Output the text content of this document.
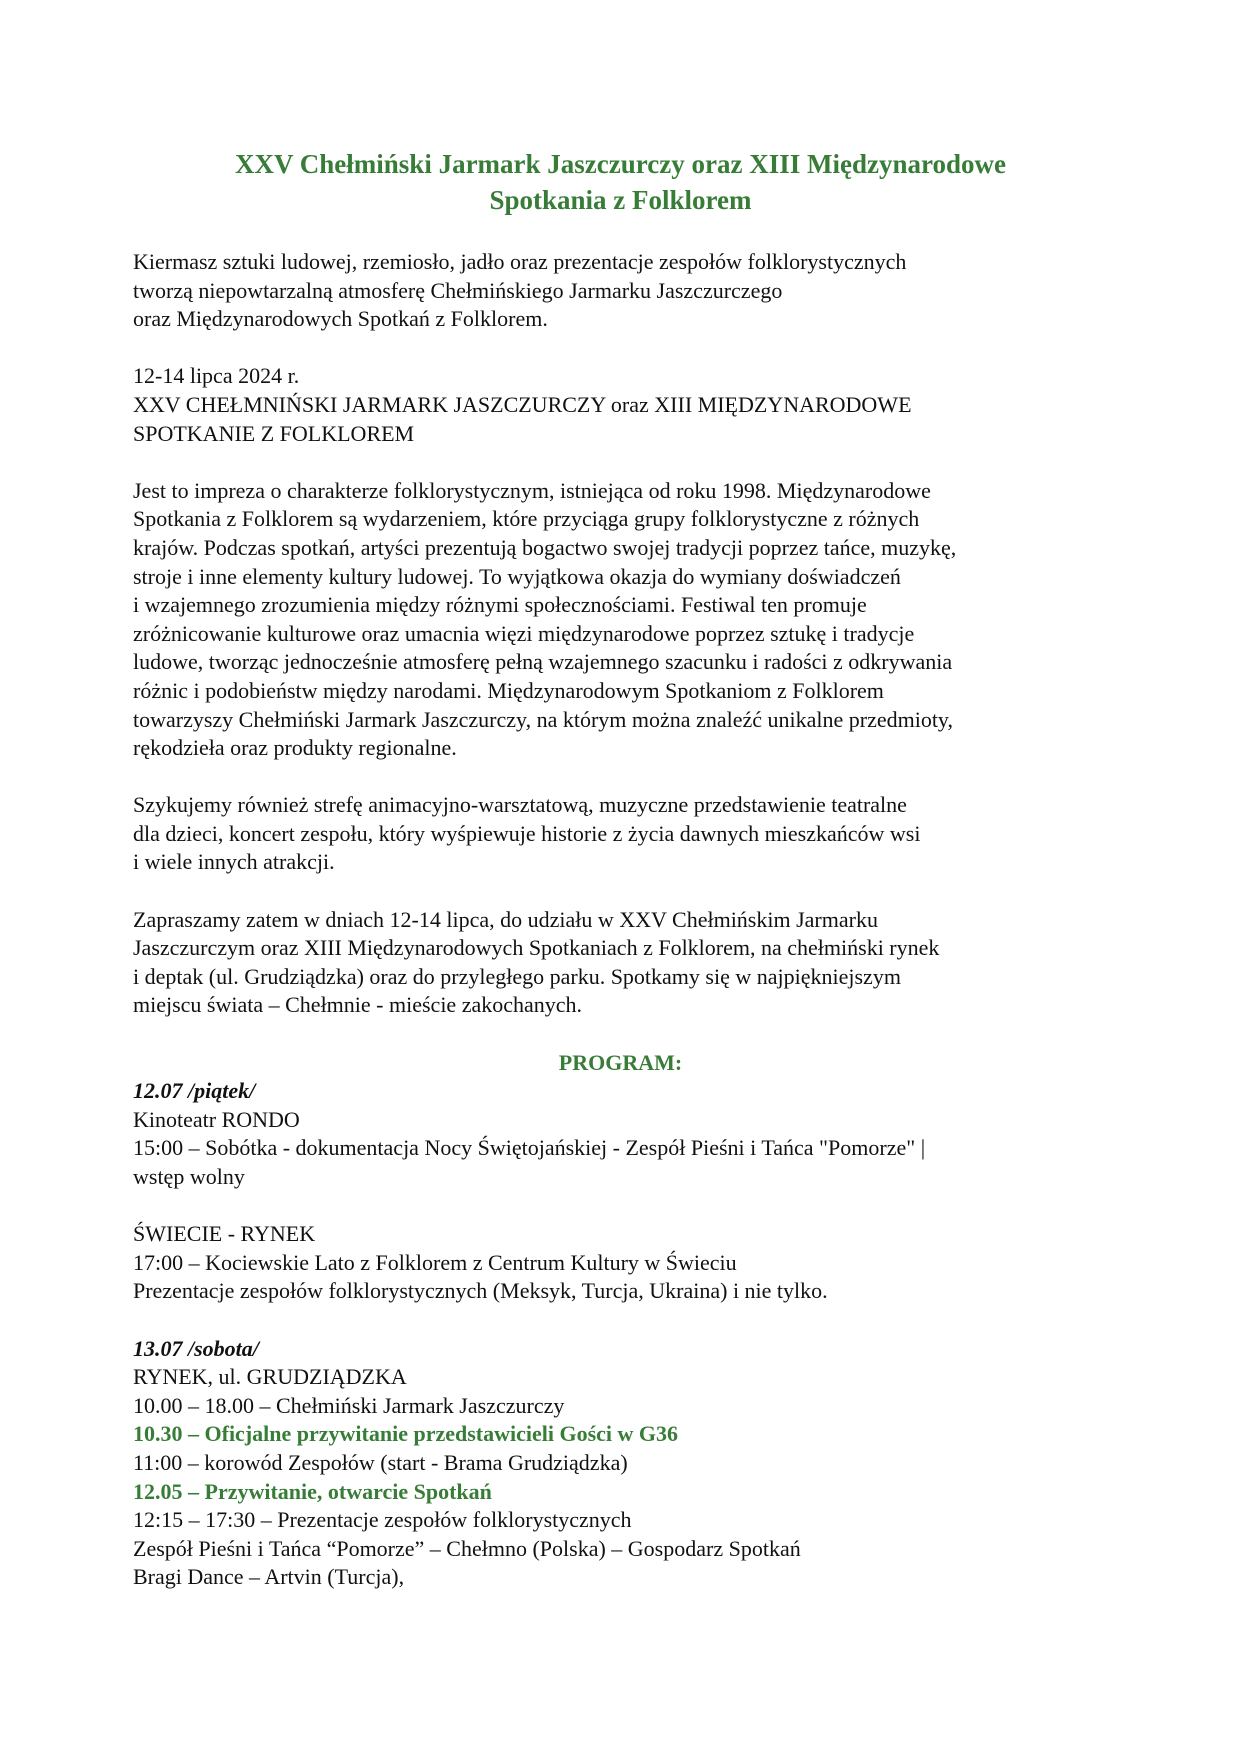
XXV Chełmiński Jarmark Jaszczurczy oraz XIII Międzynarodowe
Spotkania z Folklorem
Kiermasz sztuki ludowej, rzemiosło, jadło oraz prezentacje zespołów folklorystycznych
tworzą niepowtarzalną atmosferę Chełmińskiego Jarmarku Jaszczurczego
oraz Międzynarodowych Spotkań z Folklorem.

12-14 lipca 2024 r.
XXV CHEŁMNIŃSKI JARMARK JASZCZURCZY oraz XIII MIĘDZYNARODOWE
SPOTKANIE Z FOLKLOREM

Jest to impreza o charakterze folklorystycznym, istniejąca od roku 1998. Międzynarodowe
Spotkania z Folklorem są wydarzeniem, które przyciąga grupy folklorystyczne z różnych
krajów. Podczas spotkań, artyści prezentują bogactwo swojej tradycji poprzez tańce, muzykę,
stroje i inne elementy kultury ludowej. To wyjątkowa okazja do wymiany doświadczeń
i wzajemnego zrozumienia między różnymi społecznościami. Festiwal ten promuje
zróżnicowanie kulturowe oraz umacnia więzi międzynarodowe poprzez sztukę i tradycje
ludowe, tworząc jednocześnie atmosferę pełną wzajemnego szacunku i radości z odkrywania
różnic i podobieństw między narodami. Międzynarodowym Spotkaniom z Folklorem
towarzyszy Chełmiński Jarmark Jaszczurczy, na którym można znaleźć unikalne przedmioty,
rękodzieła oraz produkty regionalne.

Szykujemy również strefę animacyjno-warsztatową, muzyczne przedstawienie teatralne
dla dzieci, koncert zespołu, który wyśpiewuje historie z życia dawnych mieszkańców wsi
i wiele innych atrakcji.

Zapraszamy zatem w dniach 12-14 lipca, do udziału w XXV Chełmińskim Jarmarku
Jaszczurczym oraz XIII Międzynarodowych Spotkaniach z Folklorem, na chełmiński rynek
i deptak (ul. Grudziądzka) oraz do przyległego parku. Spotkamy się w najpiękniejszym
miejscu świata – Chełmnie - mieście zakochanych.

PROGRAM:
12.07 /piątek/
Kinoteatr RONDO
15:00 – Sobótka - dokumentacja Nocy Świętojańskiej - Zespół Pieśni i Tańca "Pomorze" |
wstęp wolny

ŚWIECIE - RYNEK
17:00 – Kociewskie Lato z Folklorem z Centrum Kultury w Świeciu
Prezentacje zespołów folklorystycznych (Meksyk, Turcja, Ukraina) i nie tylko.

13.07 /sobota/
RYNEK, ul. GRUDZIĄDZKA
10.00 – 18.00 – Chełmiński Jarmark Jaszczurczy
10.30 – Oficjalne przywitanie przedstawicieli Gości w G36
11:00 – korowód Zespołów (start - Brama Grudziądzka)
12.05 – Przywitanie, otwarcie Spotkań
12:15 – 17:30 – Prezentacje zespołów folklorystycznych
Zespół Pieśni i Tańca “Pomorze” – Chełmno (Polska) – Gospodarz Spotkań
Bragi Dance – Artvin (Turcja),
